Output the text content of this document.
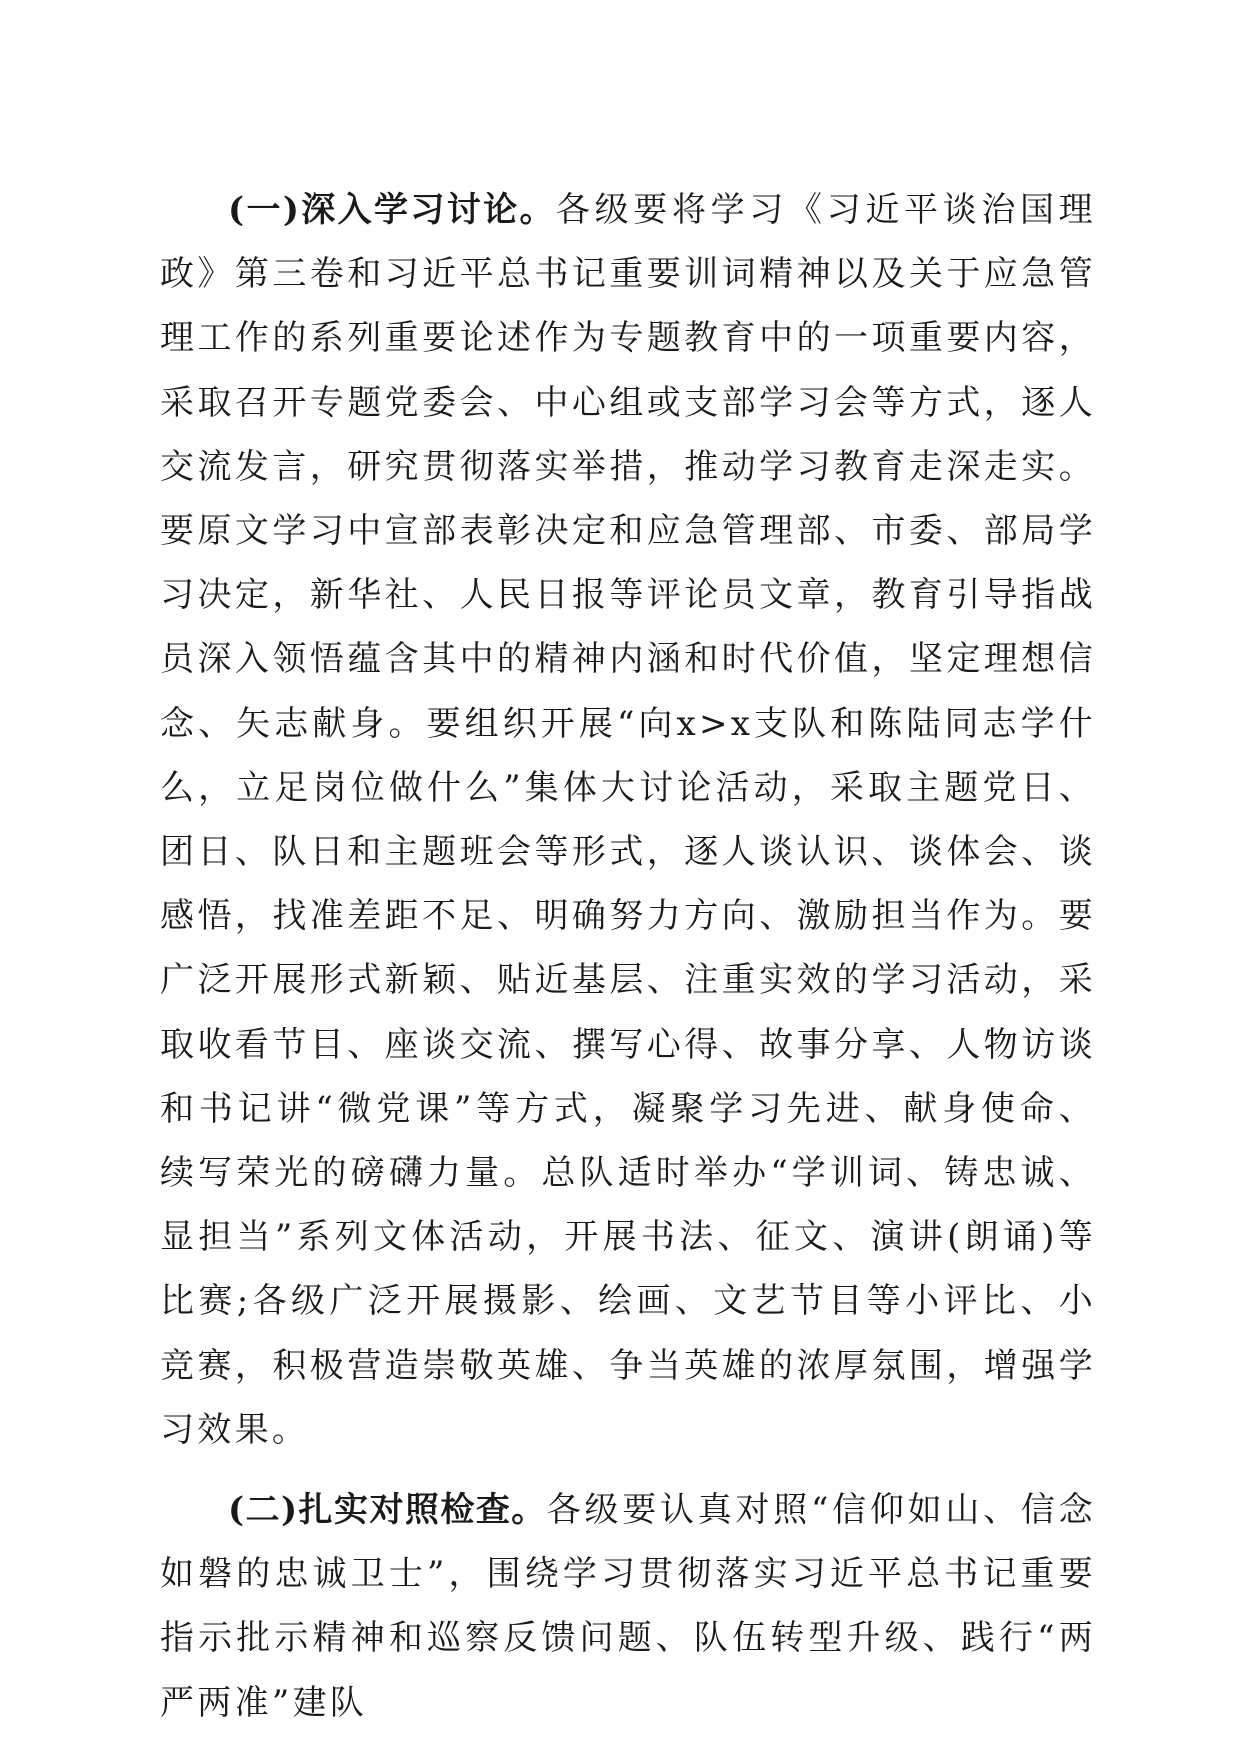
(一)深入学习讨论。各级要将学习《习近平谈治国理政》第三卷和习近平总书记重要训词精神以及关于应急管理工作的系列重要论述作为专题教育中的一项重要内容，采取召开专题党委会、中心组或支部学习会等方式，逐人交流发言，研究贯彻落实举措，推动学习教育走深走实。要原文学习中宣部表彰决定和应急管理部、市委、部局学习决定，新华社、人民日报等评论员文章，教育引导指战员深入领悟蕴含其中的精神内涵和时代价值，坚定理想信念、矢志献身。要组织开展“向x>x支队和陈陆同志学什么，立足岗位做什么”集体大讨论活动，采取主题党日、团日、队日和主题班会等形式，逐人谈认识、谈体会、谈感悟，找准差距不足、明确努力方向、激励担当作为。要广泛开展形式新颖、贴近基层、注重实效的学习活动，采取收看节目、座谈交流、撰写心得、故事分享、人物访谈和书记讲“微党课”等方式，凝聚学习先进、献身使命、续写荣光的磅礴力量。总队适时举办“学训词、铸忠诚、显担当”系列文体活动，开展书法、征文、演讲(朗诵)等比赛;各级广泛开展摄影、绘画、文艺节目等小评比、小竞赛，积极营造崇敬英雄、争当英雄的浓厚氛围，增强学习效果。

(二)扎实对照检查。各级要认真对照“信仰如山、信念如磐的忠诚卫士”，围绕学习贯彻落实习近平总书记重要指示批示精神和巡察反馈问题、队伍转型升级、践行“两严两准”建队
